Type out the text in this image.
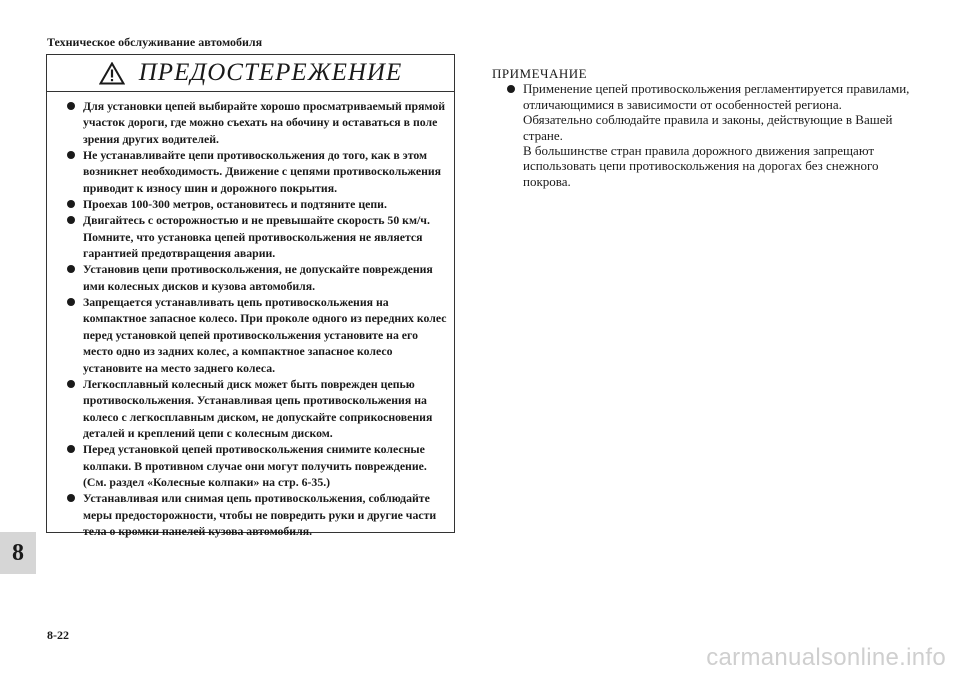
Техническое обслуживание автомобиля
ПРЕДОСТЕРЕЖЕНИЕ
Для установки цепей выбирайте хорошо просматриваемый прямой участок дороги, где можно съехать на обочину и оставаться в поле зрения других водителей.
Не устанавливайте цепи противоскольжения до того, как в этом возникнет необходимость. Движение с цепями противоскольжения приводит к износу шин и дорожного покрытия.
Проехав 100-300 метров, остановитесь и подтяните цепи.
Двигайтесь с осторожностью и не превышайте скорость 50 км/ч. Помните, что установка цепей противоскольжения не является гарантией предотвращения аварии.
Установив цепи противоскольжения, не допускайте повреждения ими колесных дисков и кузова автомобиля.
Запрещается устанавливать цепь противоскольжения на компактное запасное колесо. При проколе одного из передних колес перед установкой цепей противоскольжения установите на его место одно из задних колес, а компактное запасное колесо установите на место заднего колеса.
Легкосплавный колесный диск может быть поврежден цепью противоскольжения. Устанавливая цепь противоскольжения на колесо с легкосплавным диском, не допускайте соприкосновения деталей и креплений цепи с колесным диском.
Перед установкой цепей противоскольжения снимите колесные колпаки. В противном случае они могут получить повреждение. (См. раздел «Колесные колпаки» на стр. 6-35.)
Устанавливая или снимая цепь противоскольжения, соблюдайте меры предосторожности, чтобы не повредить руки и другие части тела о кромки панелей кузова автомобиля.
ПРИМЕЧАНИЕ

Применение цепей противоскольжения регламентируется правилами, отличающимися в зависимости от особенностей региона. Обязательно соблюдайте правила и законы, действующие в Вашей стране.

В большинстве стран правила дорожного движения запрещают использовать цепи противоскольжения на дорогах без снежного покрова.

8
8-22
carmanualsonline.info
